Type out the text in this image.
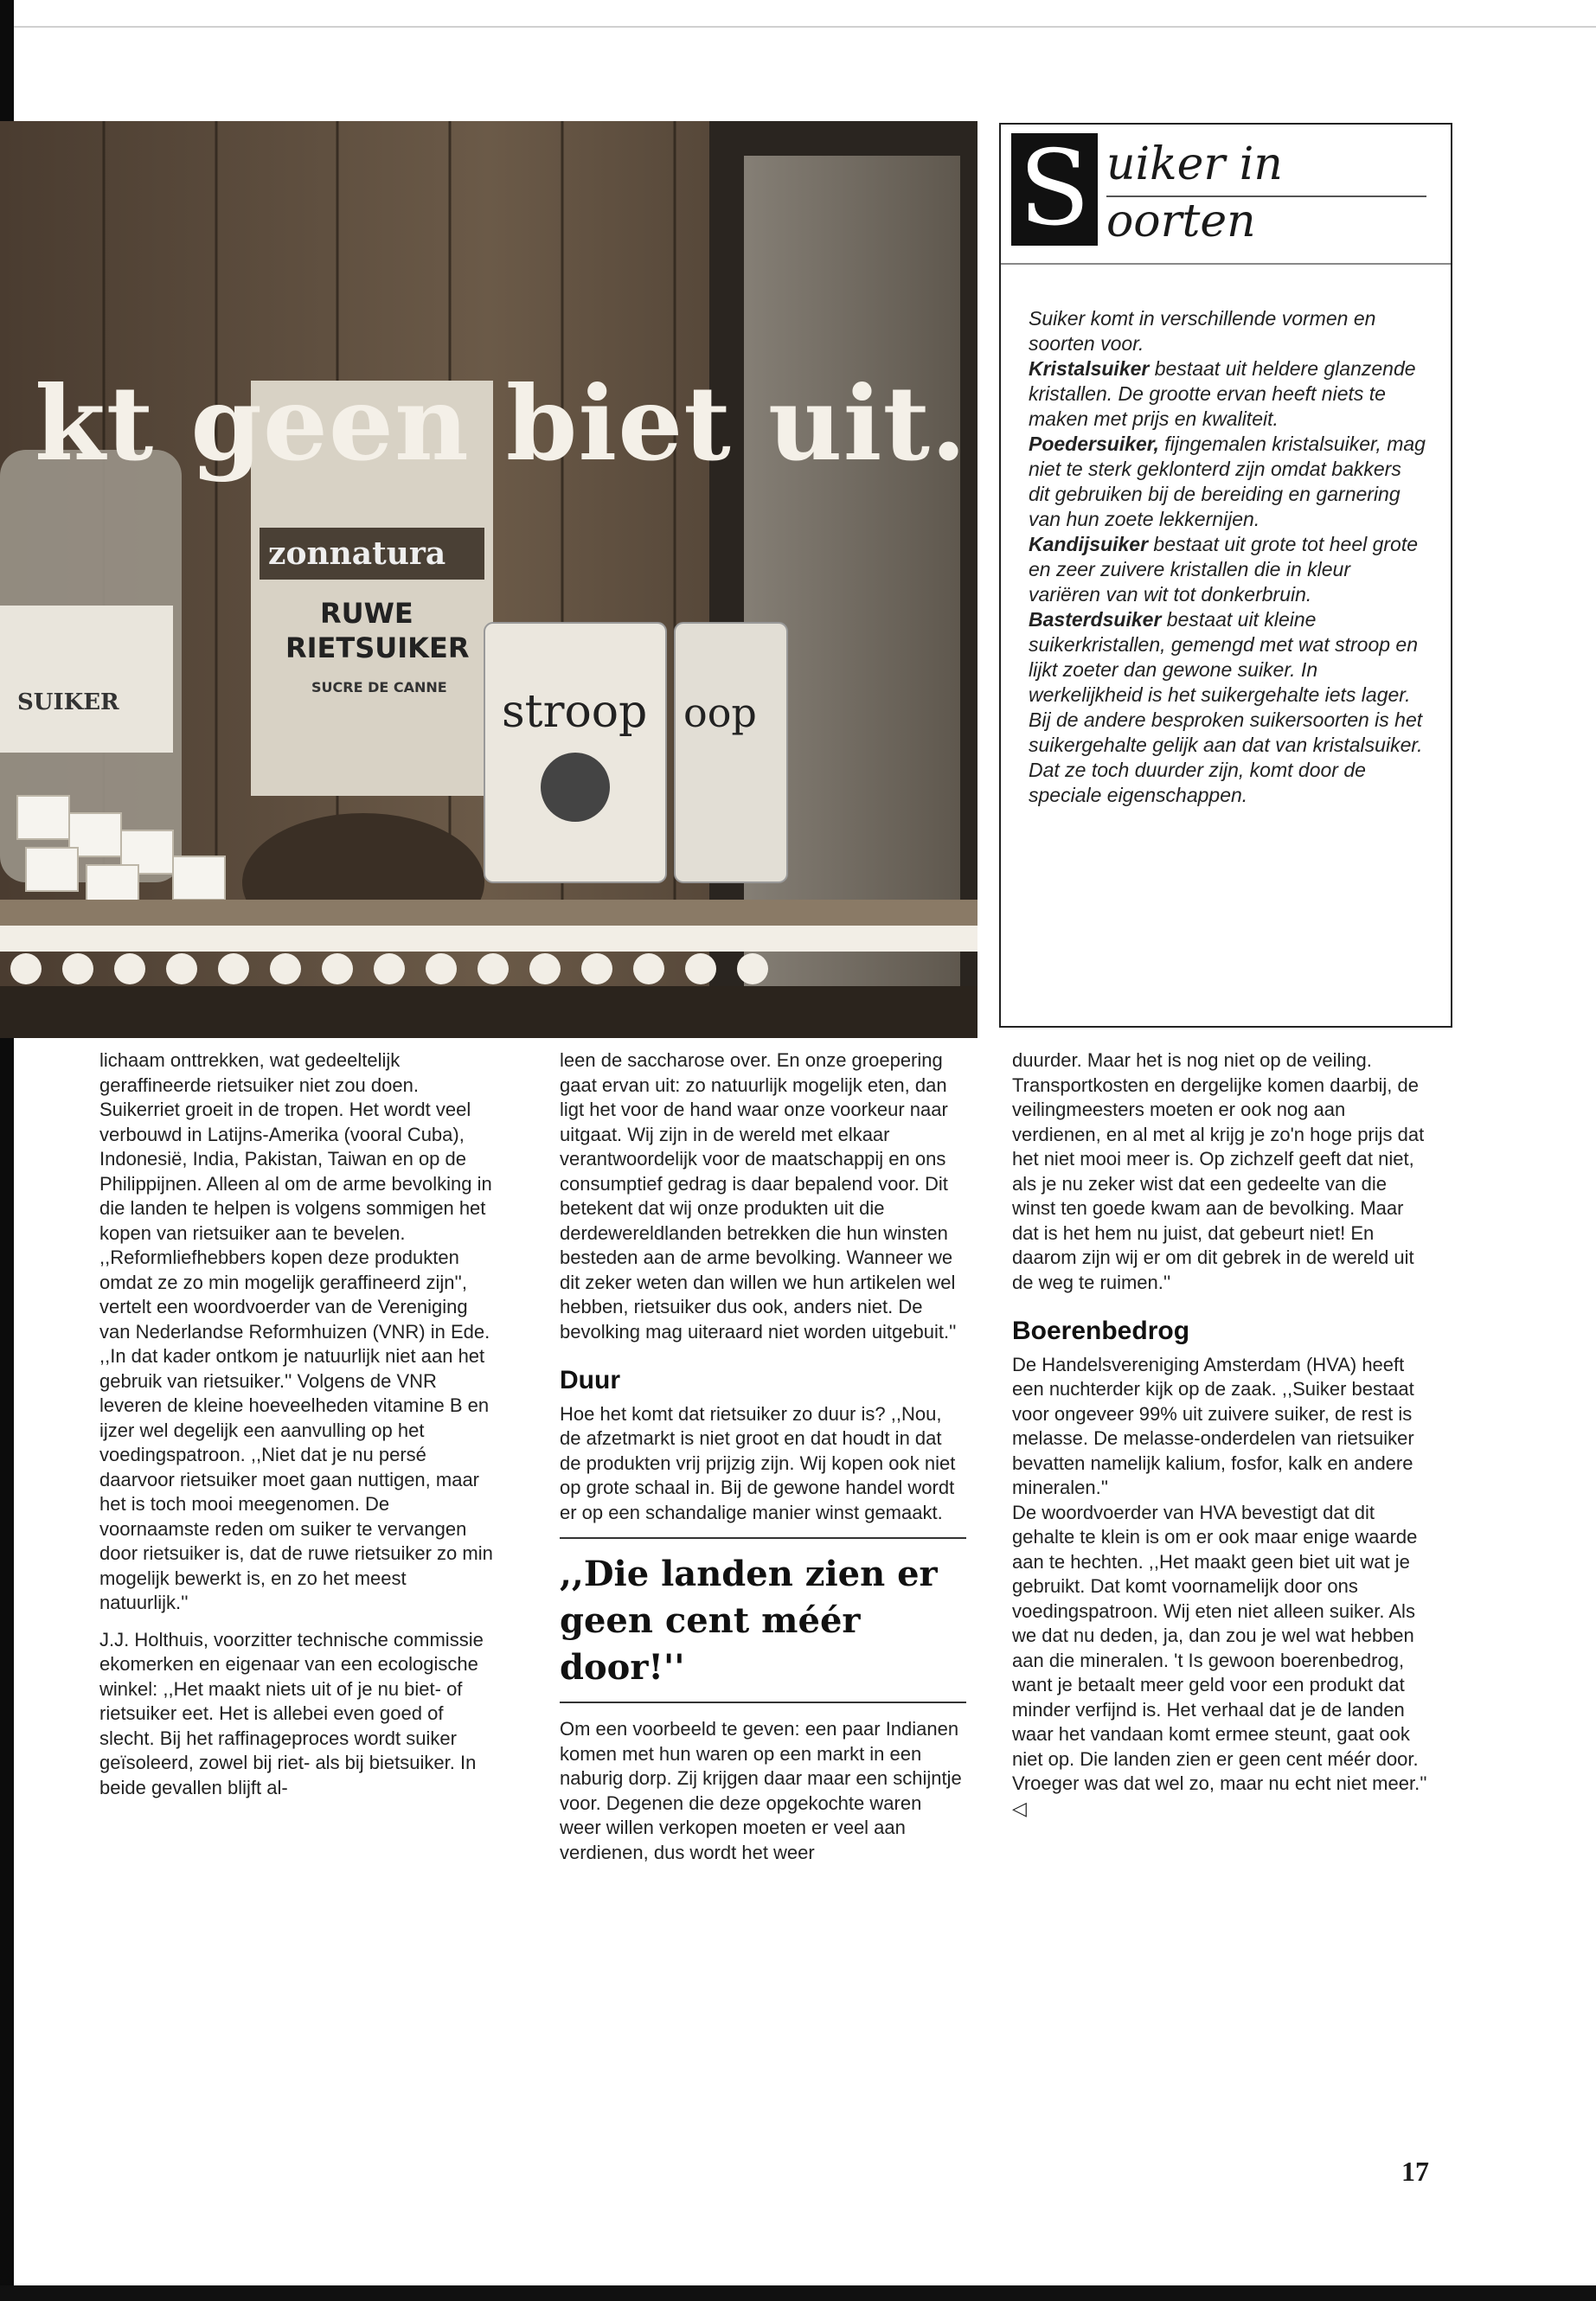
SUIKER
zonnatura
RUWE
RIETSUIKER
SUCRE DE CANNE stroop oop
kt geen biet uit.
S uiker in
oorten

Suiker komt in verschillende vormen en soorten voor.

Kristalsuiker bestaat uit heldere glanzende kristallen. De grootte ervan heeft niets te maken met prijs en kwaliteit.

Poedersuiker, fijngemalen kristalsuiker, mag niet te sterk geklonterd zijn omdat bakkers dit gebruiken bij de bereiding en garnering van hun zoete lekkernijen.

Kandijsuiker bestaat uit grote tot heel grote en zeer zuivere kristallen die in kleur variëren van wit tot donkerbruin.

Basterdsuiker bestaat uit kleine suikerkristallen, gemengd met wat stroop en lijkt zoeter dan gewone suiker. In werkelijkheid is het suikergehalte iets lager.

Bij de andere besproken suikersoorten is het suikergehalte gelijk aan dat van kristalsuiker. Dat ze toch duurder zijn, komt door de speciale eigenschappen.

lichaam onttrekken, wat gedeeltelijk geraffineerde rietsuiker niet zou doen.

Suikerriet groeit in de tropen. Het wordt veel verbouwd in Latijns-Amerika (vooral Cuba), Indonesië, India, Pakistan, Taiwan en op de Philippijnen. Alleen al om de arme bevolking in die landen te helpen is volgens sommigen het kopen van rietsuiker aan te bevelen.

,,Reformliefhebbers kopen deze produkten omdat ze zo min mogelijk geraffineerd zijn'', vertelt een woordvoerder van de Vereniging van Nederlandse Reformhuizen (VNR) in Ede. ,,In dat kader ontkom je natuurlijk niet aan het gebruik van rietsuiker.'' Volgens de VNR leveren de kleine hoeveelheden vitamine B en ijzer wel degelijk een aanvulling op het voedingspatroon. ,,Niet dat je nu persé daarvoor rietsuiker moet gaan nuttigen, maar het is toch mooi meegenomen. De voornaamste reden om suiker te vervangen door rietsuiker is, dat de ruwe rietsuiker zo min mogelijk bewerkt is, en zo het meest natuurlijk.''

J.J. Holthuis, voorzitter technische commissie ekomerken en eigenaar van een ecologische winkel: ,,Het maakt niets uit of je nu biet- of rietsuiker eet. Het is allebei even goed of slecht. Bij het raffinageproces wordt suiker geïsoleerd, zowel bij riet- als bij bietsuiker. In beide gevallen blijft al-

leen de saccharose over. En onze groepering gaat ervan uit: zo natuurlijk mogelijk eten, dan ligt het voor de hand waar onze voorkeur naar uitgaat. Wij zijn in de wereld met elkaar verantwoordelijk voor de maatschappij en ons consumptief gedrag is daar bepalend voor. Dit betekent dat wij onze produkten uit die derdewereldlanden betrekken die hun winsten besteden aan de arme bevolking. Wanneer we dit zeker weten dan willen we hun artikelen wel hebben, rietsuiker dus ook, anders niet. De bevolking mag uiteraard niet worden uitgebuit.''

Duur

Hoe het komt dat rietsuiker zo duur is? ,,Nou, de afzetmarkt is niet groot en dat houdt in dat de produkten vrij prijzig zijn. Wij kopen ook niet op grote schaal in. Bij de gewone handel wordt er op een schandalige manier winst gemaakt.

,,Die landen zien er geen cent méér door!''

Om een voorbeeld te geven: een paar Indianen komen met hun waren op een markt in een naburig dorp. Zij krijgen daar maar een schijntje voor. Degenen die deze opgekochte waren weer willen verkopen moeten er veel aan verdienen, dus wordt het weer

duurder. Maar het is nog niet op de veiling. Transportkosten en dergelijke komen daarbij, de veilingmeesters moeten er ook nog aan verdienen, en al met al krijg je zo'n hoge prijs dat het niet mooi meer is. Op zichzelf geeft dat niet, als je nu zeker wist dat een gedeelte van die winst ten goede kwam aan de bevolking. Maar dat is het hem nu juist, dat gebeurt niet! En daarom zijn wij er om dit gebrek in de wereld uit de weg te ruimen.''

Boerenbedrog

De Handelsvereniging Amsterdam (HVA) heeft een nuchterder kijk op de zaak. ,,Suiker bestaat voor ongeveer 99% uit zuivere suiker, de rest is melasse. De melasse-onderdelen van rietsuiker bevatten namelijk kalium, fosfor, kalk en andere mineralen.''

De woordvoerder van HVA bevestigt dat dit gehalte te klein is om er ook maar enige waarde aan te hechten. ,,Het maakt geen biet uit wat je gebruikt. Dat komt voornamelijk door ons voedingspatroon. Wij eten niet alleen suiker. Als we dat nu deden, ja, dan zou je wel wat hebben aan die mineralen. 't Is gewoon boerenbedrog, want je betaalt meer geld voor een produkt dat minder verfijnd is. Het verhaal dat je de landen waar het vandaan komt ermee steunt, gaat ook niet op. Die landen zien er geen cent méér door. Vroeger was dat wel zo, maar nu echt niet meer.'' ◁

17
